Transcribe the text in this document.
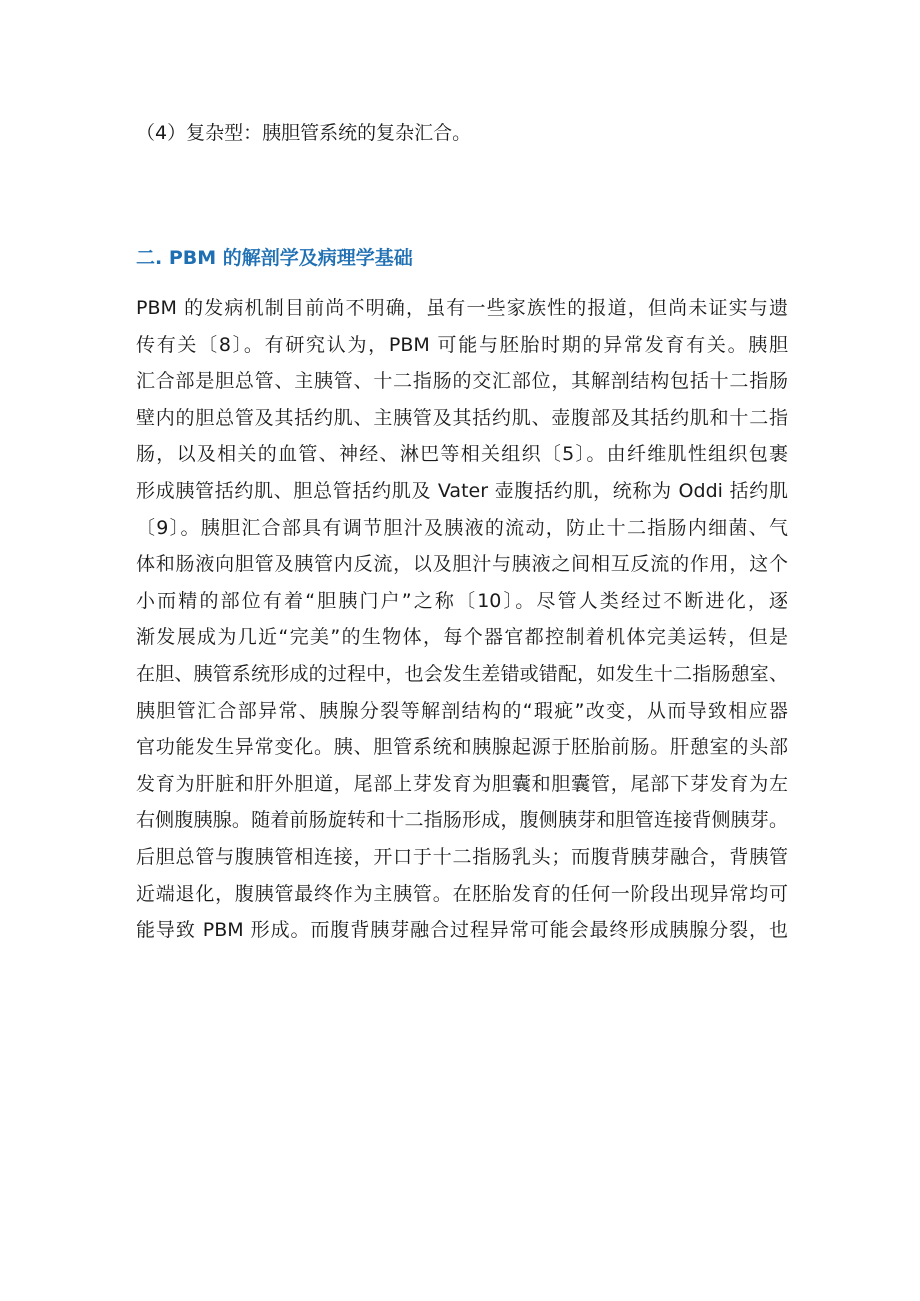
（4）复杂型：胰胆管系统的复杂汇合。
二. PBM 的解剖学及病理学基础
PBM 的发病机制目前尚不明确，虽有一些家族性的报道，但尚未证实与遗
传有关〔8〕。有研究认为，PBM 可能与胚胎时期的异常发育有关。胰胆
汇合部是胆总管、主胰管、十二指肠的交汇部位，其解剖结构包括十二指肠
壁内的胆总管及其括约肌、主胰管及其括约肌、壶腹部及其括约肌和十二指
肠，以及相关的血管、神经、淋巴等相关组织〔5〕。由纤维肌性组织包裹
形成胰管括约肌、胆总管括约肌及 Vater 壶腹括约肌，统称为 Oddi 括约肌
〔9〕。胰胆汇合部具有调节胆汁及胰液的流动，防止十二指肠内细菌、气
体和肠液向胆管及胰管内反流，以及胆汁与胰液之间相互反流的作用，这个
小而精的部位有着“胆胰门户”之称〔10〕。尽管人类经过不断进化，逐
渐发展成为几近“完美”的生物体，每个器官都控制着机体完美运转，但是
在胆、胰管系统形成的过程中，也会发生差错或错配，如发生十二指肠憩室、
胰胆管汇合部异常、胰腺分裂等解剖结构的“瑕疵”改变，从而导致相应器
官功能发生异常变化。胰、胆管系统和胰腺起源于胚胎前肠。肝憩室的头部
发育为肝脏和肝外胆道，尾部上芽发育为胆囊和胆囊管，尾部下芽发育为左
右侧腹胰腺。随着前肠旋转和十二指肠形成，腹侧胰芽和胆管连接背侧胰芽。
后胆总管与腹胰管相连接，开口于十二指肠乳头；而腹背胰芽融合，背胰管
近端退化，腹胰管最终作为主胰管。在胚胎发育的任何一阶段出现异常均可
能导致 PBM 形成。而腹背胰芽融合过程异常可能会最终形成胰腺分裂，也
